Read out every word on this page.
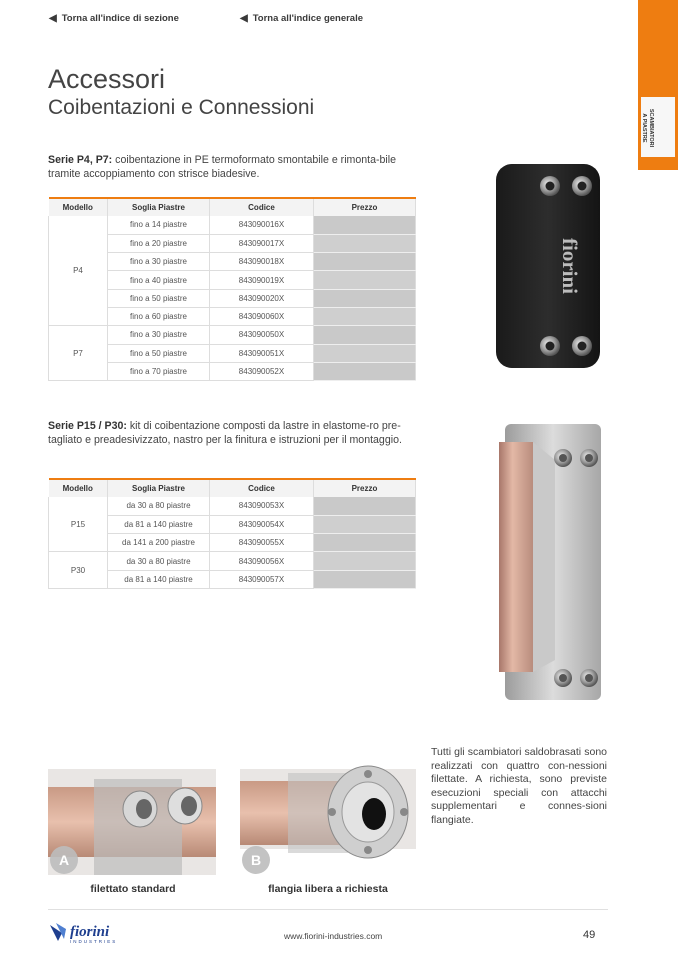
◀ Torna all'indice di sezione	◀ Torna all'indice generale
SCAMBIATORI
A PIASTRE
Accessori
Coibentazioni e Connessioni

Serie P4, P7: coibentazione in PE termoformato smontabile e rimonta-bile tramite accoppiamento con strisce biadesive.

Modello	Soglia Piastre	Codice	Prezzo
P4	fino a 14 piastre	843090016X	
	fino a 20 piastre	843090017X	
	fino a 30 piastre	843090018X	
	fino a 40 piastre	843090019X	
	fino a 50 piastre	843090020X	
	fino a 60 piastre	843090060X	
P7	fino a 30 piastre	843090050X	
	fino a 50 piastre	843090051X	
	fino a 70 piastre	843090052X	

Serie P15 / P30: kit di coibentazione composti da lastre in elastome-ro pre-tagliato e preadesivizzato, nastro per la finitura e istruzioni per il montaggio.

Modello	Soglia Piastre	Codice	Prezzo
P15	da 30 a 80 piastre	843090053X	
	da 81 a 140 piastre	843090054X	
	da 141 a 200 piastre	843090055X	
P30	da 30 a 80 piastre	843090056X	
	da 81 a 140 piastre	843090057X	
fiorini
A
filettato standard
B
flangia libera a richiesta

Tutti gli scambiatori saldobrasati sono realizzati con quattro con-nessioni filettate. A richiesta, sono previste esecuzioni speciali con attacchi supplementari e connes-sioni flangiate.

fiorini
INDUSTRIES
www.fiorini-industries.com	49
